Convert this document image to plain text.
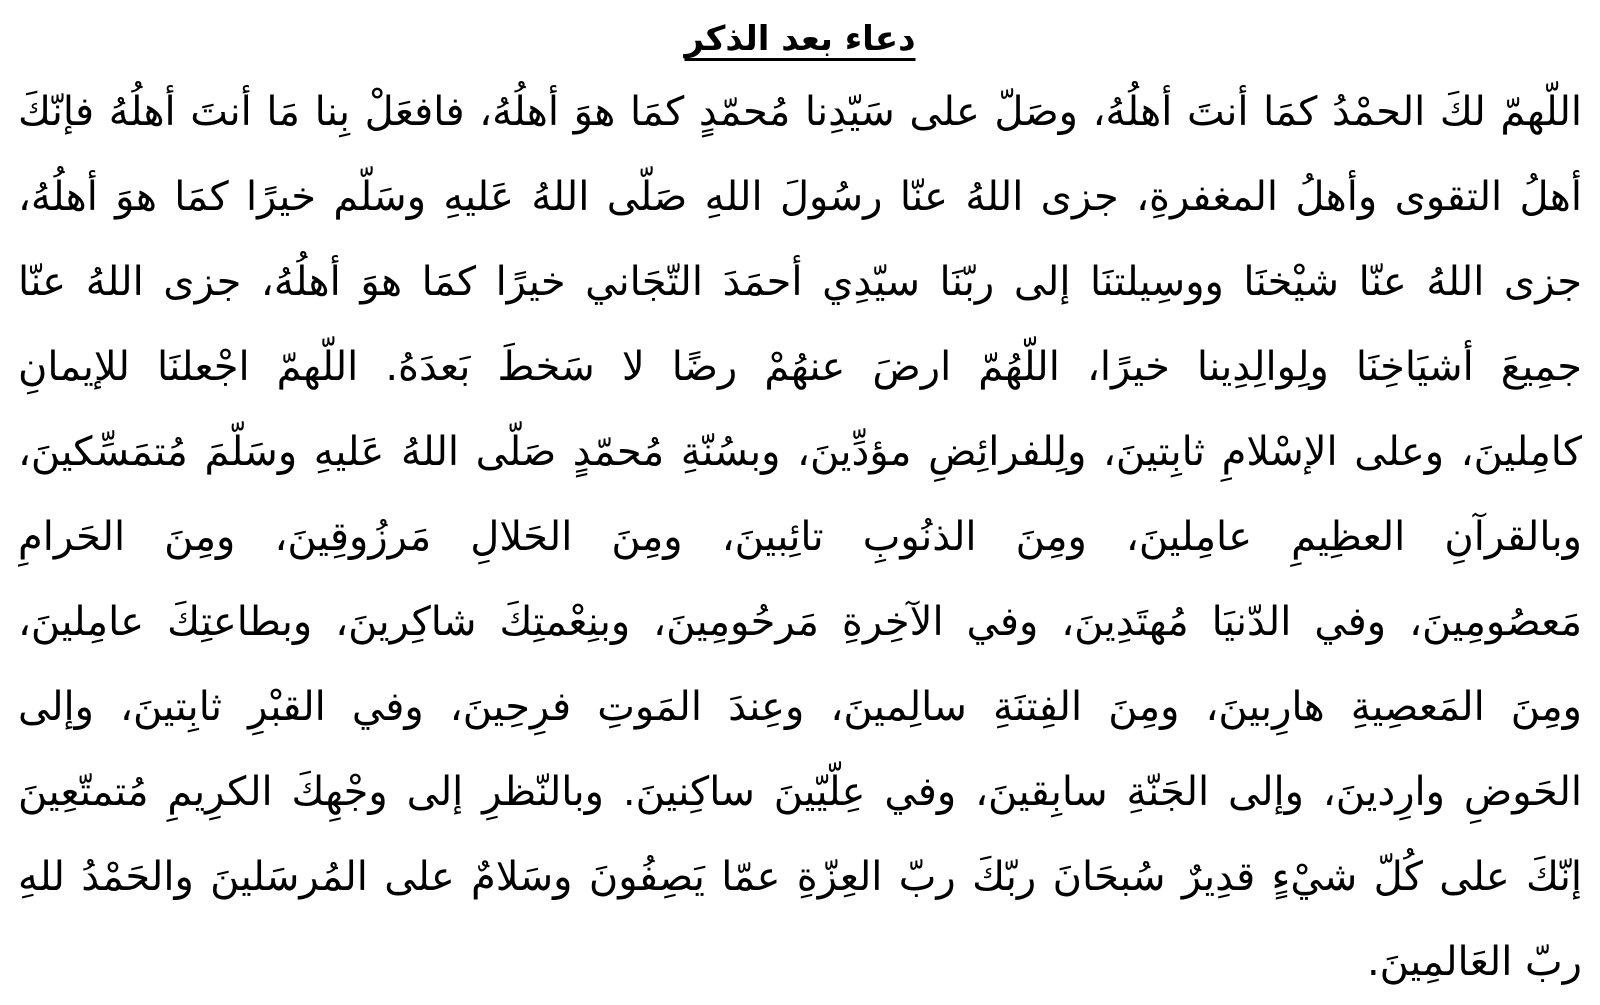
دعاء بعد الذكر
اللّهمّ لكَ الحمْدُ كمَا أنتَ أهلُهُ، وصَلّ على سَيّدِنا مُحمّدٍ كمَا هوَ أهلُهُ، فافعَلْ بِنا مَا أنتَ أهلُهُ فإنّكَ
أهلُ التقوى وأهلُ المغفرةِ، جزى اللهُ عنّا رسُولَ اللهِ صَلّى اللهُ عَليهِ وسَلّم خيرًا كمَا هوَ أهلُهُ،
جزى اللهُ عنّا شيْخنَا ووسِيلتنَا إلى ربّنَا سيّدِي أحمَدَ التّجَاني خيرًا كمَا هوَ أهلُهُ، جزى اللهُ عنّا
جمِيعَ أشيَاخِنَا ولِوالِدِينا خيرًا، اللّهُمّ ارضَ عنهُمْ رضًا لا سَخطَ بَعدَهُ. اللّهمّ اجْعلنَا للإيمانِ
كامِلينَ، وعلى الإسْلامِ ثابِتينَ، ولِلفرائِضِ مؤدِّينَ، وبسُنّةِ مُحمّدٍ صَلّى اللهُ عَليهِ وسَلّمَ مُتمَسِّكينَ،
وبالقرآنِ العظِيمِ عامِلينَ، ومِنَ الذنُوبِ تائِبينَ، ومِنَ الحَلالِ مَرزُوقِينَ، ومِنَ الحَرامِ
مَعصُومِينَ، وفي الدّنيَا مُهتَدِينَ، وفي الآخِرةِ مَرحُومِينَ، وبنِعْمتِكَ شاكِرينَ، وبطاعتِكَ عامِلينَ،
ومِنَ المَعصِيةِ هارِبينَ، ومِنَ الفِتنَةِ سالِمينَ، وعِندَ المَوتِ فرِحِينَ، وفي القبْرِ ثابِتينَ، وإلى
الحَوضِ وارِدينَ، وإلى الجَنّةِ سابِقينَ، وفي عِلّيّينَ ساكِنينَ. وبالنّظرِ إلى وجْهِكَ الكرِيمِ مُتمتّعِينَ
إنّكَ على كُلّ شيْءٍ قدِيرٌ سُبحَانَ ربّكَ ربّ العِزّةِ عمّا يَصِفُونَ وسَلامٌ على المُرسَلينَ والحَمْدُ للهِ
ربّ العَالمِينَ.
